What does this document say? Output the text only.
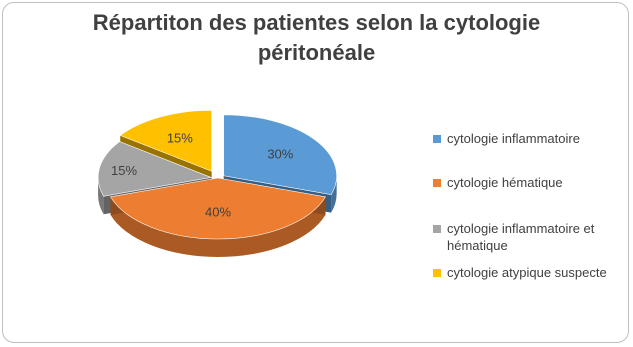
Répartiton des patientes selon la cytologie
péritonéale
30%
40%
15%
15%	cytologie inflammatoire
cytologie hématique
cytologie inflammatoire et hématique
cytologie atypique suspecte
